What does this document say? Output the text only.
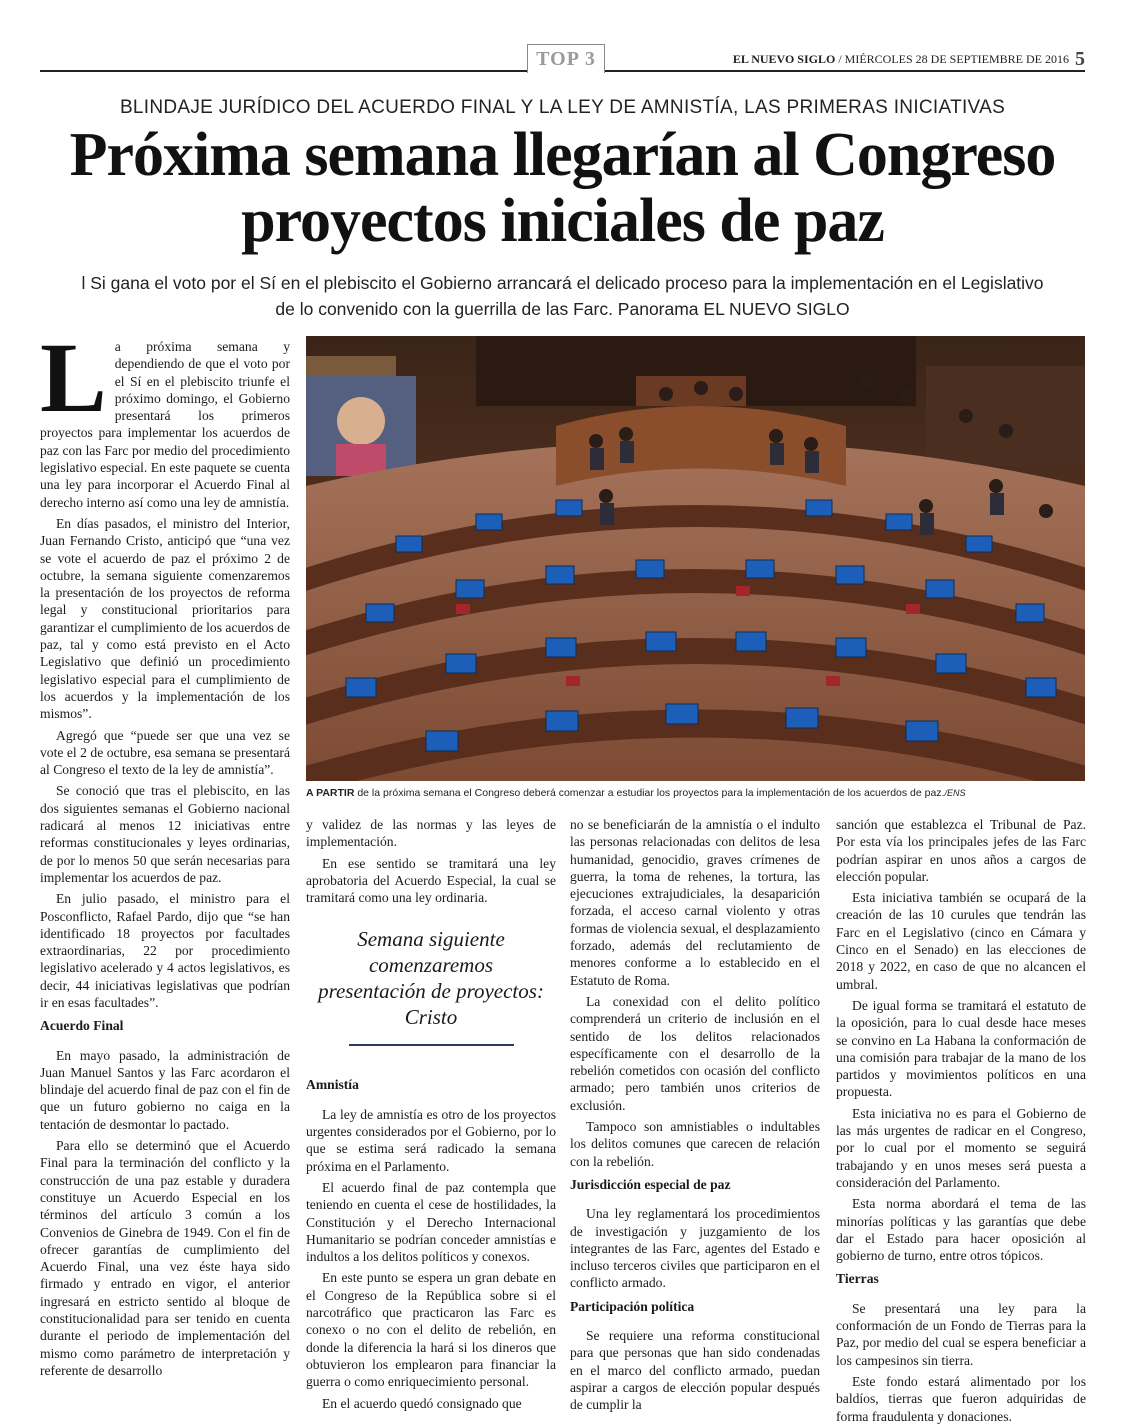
TOP 3	EL NUEVO SIGLO / MIÉRCOLES 28 DE SEPTIEMBRE DE 2016 5
BLINDAJE JURÍDICO DEL ACUERDO FINAL Y LA LEY DE AMNISTÍA, LAS PRIMERAS INICIATIVAS
Próxima semana llegarían al Congreso proyectos iniciales de paz
l Si gana el voto por el Sí en el plebiscito el Gobierno arrancará el delicado proceso para la implementación en el Legislativo de lo convenido con la guerrilla de las Farc. Panorama EL NUEVO SIGLO
A PARTIR de la próxima semana el Congreso deberá comenzar a estudiar los proyectos para la implementación de los acuerdos de paz./ENS
L a próxima semana y dependiendo de que el voto por el Sí en el plebiscito triunfe el próximo domingo, el Gobierno presentará los primeros proyectos para implementar los acuerdos de paz con las Farc por medio del procedimiento legislativo especial. En este paquete se cuenta una ley para incorporar el Acuerdo Final al derecho interno así como una ley de amnistía.

En días pasados, el ministro del Interior, Juan Fernando Cristo, anticipó que “una vez se vote el acuerdo de paz el próximo 2 de octubre, la semana siguiente comenzaremos la presentación de los proyectos de reforma legal y constitucional prioritarios para garantizar el cumplimiento de los acuerdos de paz, tal y como está previsto en el Acto Legislativo que definió un procedimiento legislativo especial para el cumplimiento de los acuerdos y la implementación de los mismos”.

Agregó que “puede ser que una vez se vote el 2 de octubre, esa semana se presentará al Congreso el texto de la ley de amnistía”.

Se conoció que tras el plebiscito, en las dos siguientes semanas el Gobierno nacional radicará al menos 12 iniciativas entre reformas constitucionales y leyes ordinarias, de por lo menos 50 que serán necesarias para implementar los acuerdos de paz.

En julio pasado, el ministro para el Posconflicto, Rafael Pardo, dijo que “se han identificado 18 proyectos por facultades extraordinarias, 22 por procedimiento legislativo acelerado y 4 actos legislativos, es decir, 44 iniciativas legislativas que podrían ir en esas facultades”.

Acuerdo Final

En mayo pasado, la administración de Juan Manuel Santos y las Farc acordaron el blindaje del acuerdo final de paz con el fin de que un futuro gobierno no caiga en la tentación de desmontar lo pactado.

Para ello se determinó que el Acuerdo Final para la terminación del conflicto y la construcción de una paz estable y duradera constituye un Acuerdo Especial en los términos del artículo 3 común a los Convenios de Ginebra de 1949. Con el fin de ofrecer garantías de cumplimiento del Acuerdo Final, una vez éste haya sido firmado y entrado en vigor, el anterior ingresará en estricto sentido al bloque de constitucionalidad para ser tenido en cuenta durante el periodo de implementación del mismo como parámetro de interpretación y referente de desarrollo

y validez de las normas y las leyes de implementación.

En ese sentido se tramitará una ley aprobatoria del Acuerdo Especial, la cual se tramitará como una ley ordinaria.

Semana siguiente comenzaremos presentación de proyectos: Cristo
Amnistía

La ley de amnistía es otro de los proyectos urgentes considerados por el Gobierno, por lo que se estima será radicado la semana próxima en el Parlamento.

El acuerdo final de paz contempla que teniendo en cuenta el cese de hostilidades, la Constitución y el Derecho Internacional Humanitario se podrían conceder amnistías e indultos a los delitos políticos y conexos.

En este punto se espera un gran debate en el Congreso de la República sobre si el narcotráfico que practicaron las Farc es conexo o no con el delito de rebelión, en donde la diferencia la hará si los dineros que obtuvieron los emplearon para financiar la guerra o como enriquecimiento personal.

En el acuerdo quedó consignado que

no se beneficiarán de la amnistía o el indulto las personas relacionadas con delitos de lesa humanidad, genocidio, graves crímenes de guerra, la toma de rehenes, la tortura, las ejecuciones extrajudiciales, la desaparición forzada, el acceso carnal violento y otras formas de violencia sexual, el desplazamiento forzado, además del reclutamiento de menores conforme a lo establecido en el Estatuto de Roma.

La conexidad con el delito político comprenderá un criterio de inclusión en el sentido de los delitos relacionados específicamente con el desarrollo de la rebelión cometidos con ocasión del conflicto armado; pero también unos criterios de exclusión.

Tampoco son amnistiables o indultables los delitos comunes que carecen de relación con la rebelión.

Jurisdicción especial de paz

Una ley reglamentará los procedimientos de investigación y juzgamiento de los integrantes de las Farc, agentes del Estado e incluso terceros civiles que participaron en el conflicto armado.

Participación política

Se requiere una reforma constitucional para que personas que han sido condenadas en el marco del conflicto armado, puedan aspirar a cargos de elección popular después de cumplir la

sanción que establezca el Tribunal de Paz. Por esta vía los principales jefes de las Farc podrían aspirar en unos años a cargos de elección popular.

Esta iniciativa también se ocupará de la creación de las 10 curules que tendrán las Farc en el Legislativo (cinco en Cámara y Cinco en el Senado) en las elecciones de 2018 y 2022, en caso de que no alcancen el umbral.

De igual forma se tramitará el estatuto de la oposición, para lo cual desde hace meses se convino en La Habana la conformación de una comisión para trabajar de la mano de los partidos y movimientos políticos en una propuesta.

Esta iniciativa no es para el Gobierno de las más urgentes de radicar en el Congreso, por lo cual por el momento se seguirá trabajando y en unos meses será puesta a consideración del Parlamento.

Esta norma abordará el tema de las minorías políticas y las garantías que debe dar el Estado para hacer oposición al gobierno de turno, entre otros tópicos.

Tierras

Se presentará una ley para la conformación de un Fondo de Tierras para la Paz, por medio del cual se espera beneficiar a los campesinos sin tierra.

Este fondo estará alimentado por los baldíos, tierras que fueron adquiridas de forma fraudulenta y donaciones.
